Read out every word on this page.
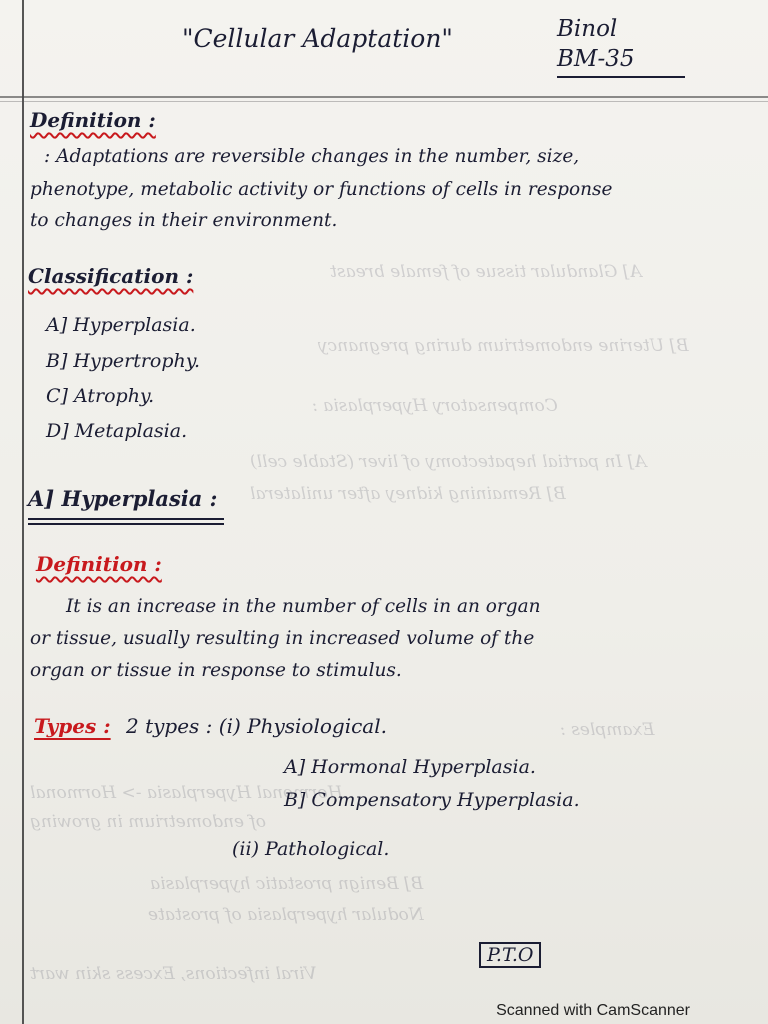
A] Glandular tissue of female breast
B] Uterine endometrium during pregnancy
Compensatory Hyperplasia :
A] In partial hepatectomy of liver (Stable cell)
B] Remaining kidney after unilateral
Examples :
Hormonal Hyperplasia -> Hormonal
of endometrium in growing
B] Benign prostatic hyperplasia
Nodular hyperplasia of prostate
Viral infections, Excess skin wart
"Cellular Adaptation"	Binol
BM-35
Definition :
: Adaptations are reversible changes in the number, size,
phenotype, metabolic activity or functions of cells in response
to changes in their environment.
Classification :
A] Hyperplasia.
B] Hypertrophy.
C] Atrophy.
D] Metaplasia.
A] Hyperplasia :
Definition :
It is an increase in the number of cells in an organ
or tissue, usually resulting in increased volume of the
organ or tissue in response to stimulus.
Types : 2 types : (i) Physiological.
A] Hormonal Hyperplasia.
B] Compensatory Hyperplasia.
(ii) Pathological.
P.T.O
Scanned with CamScanner
